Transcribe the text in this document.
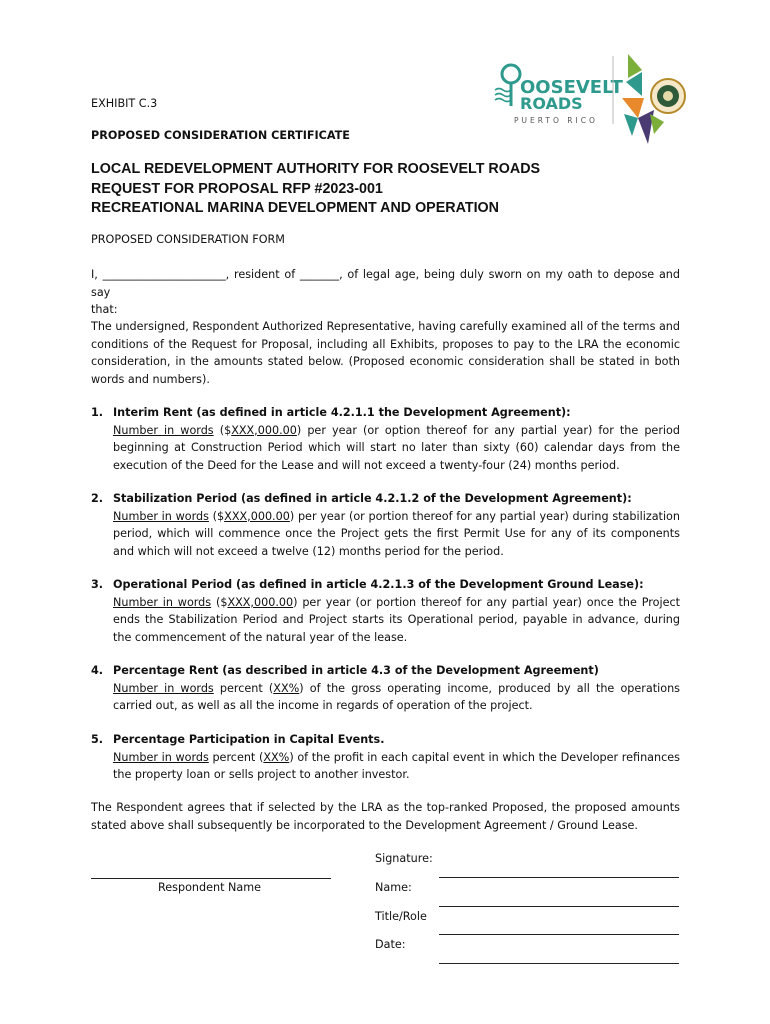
OOSEVELT
ROADS
PUERTO RICO
EXHIBIT C.3
PROPOSED CONSIDERATION CERTIFICATE
LOCAL REDEVELOPMENT AUTHORITY FOR ROOSEVELT ROADS
REQUEST FOR PROPOSAL RFP #2023-001
RECREATIONAL MARINA DEVELOPMENT AND OPERATION
PROPOSED CONSIDERATION FORM
I, ______________________, resident of _______, of legal age, being duly sworn on my oath to depose and say
that:
The undersigned, Respondent Authorized Representative, having carefully examined all of the terms and conditions of the Request for Proposal, including all Exhibits, proposes to pay to the LRA the economic consideration, in the amounts stated below. (Proposed economic consideration shall be stated in both words and numbers).
1. Interim Rent (as defined in article 4.2.1.1 the Development Agreement):
Number in words ($XXX,000.00) per year (or option thereof for any partial year) for the period beginning at Construction Period which will start no later than sixty (60) calendar days from the execution of the Deed for the Lease and will not exceed a twenty-four (24) months period.
2. Stabilization Period (as defined in article 4.2.1.2 of the Development Agreement):
Number in words ($XXX,000.00) per year (or portion thereof for any partial year) during stabilization period, which will commence once the Project gets the first Permit Use for any of its components and which will not exceed a twelve (12) months period for the period.
3. Operational Period (as defined in article 4.2.1.3 of the Development Ground Lease):
Number in words ($XXX,000.00) per year (or portion thereof for any partial year) once the Project ends the Stabilization Period and Project starts its Operational period, payable in advance, during the commencement of the natural year of the lease.
4. Percentage Rent (as described in article 4.3 of the Development Agreement)
Number in words percent (XX%) of the gross operating income, produced by all the operations carried out, as well as all the income in regards of operation of the project.
5. Percentage Participation in Capital Events.
Number in words percent (XX%) of the profit in each capital event in which the Developer refinances the property loan or sells project to another investor.
The Respondent agrees that if selected by the LRA as the top-ranked Proposed, the proposed amounts stated above shall subsequently be incorporated to the Development Agreement / Ground Lease.
Respondent Name
Signature:
Name:
Title/Role
Date:
